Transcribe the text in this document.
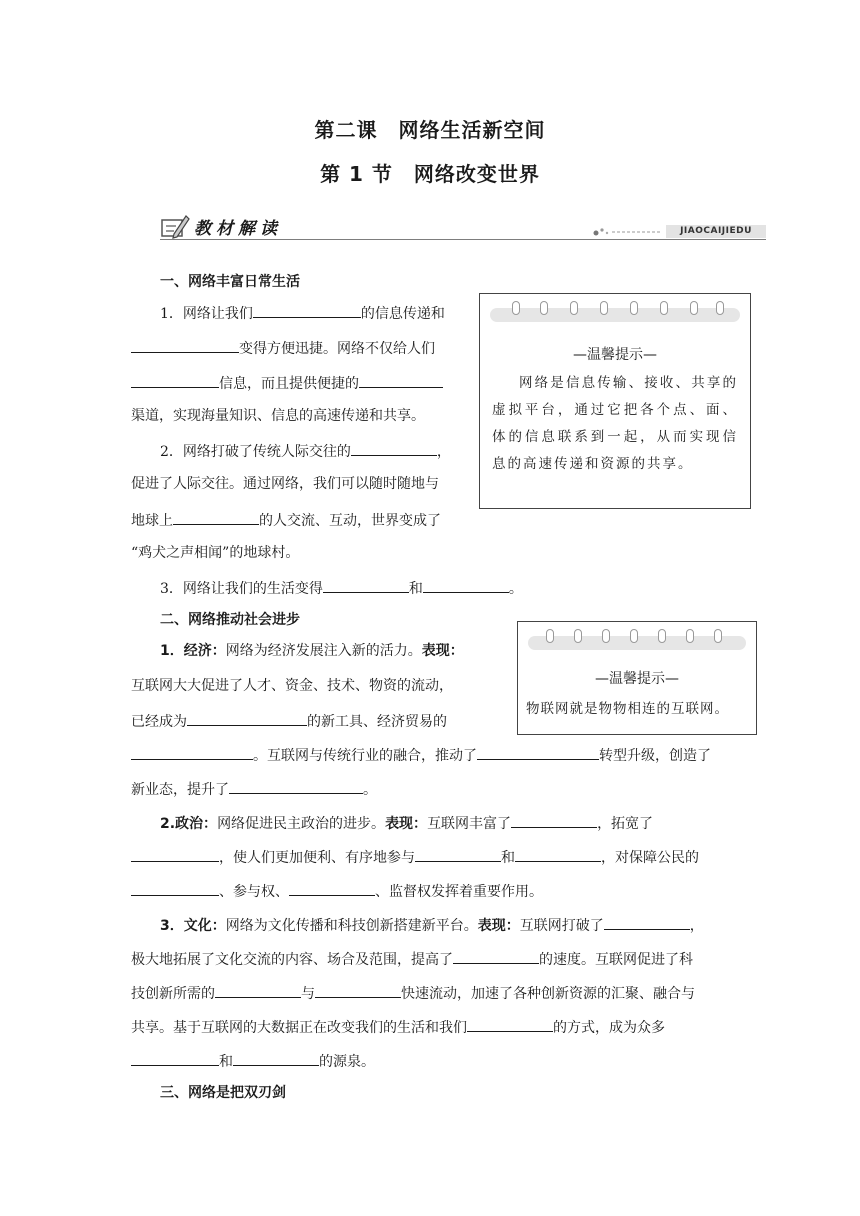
第二课　网络生活新空间
第 1 节　网络改变世界
教材解读	JIAOCAIJIEDU
一、网络丰富日常生活
1．网络让我们	的信息传递和
变得方便迅捷。网络不仅给人们
信息，而且提供便捷的
渠道，实现海量知识、信息的高速传递和共享。
2．网络打破了传统人际交往的	，
促进了人际交往。通过网络，我们可以随时随地与
地球上	的人交流、互动，世界变成了
“鸡犬之声相闻”的地球村。
3．网络让我们的生活变得	和	。
—温馨提示—
网络是信息传输、接收、共享的虚拟平台，通过它把各个点、面、体的信息联系到一起，从而实现信息的高速传递和资源的共享。
二、网络推动社会进步
1．经济：网络为经济发展注入新的活力。表现：
互联网大大促进了人才、资金、技术、物资的流动，
已经成为	的新工具、经济贸易的
。互联网与传统行业的融合，推动了	转型升级，创造了
新业态，提升了	。
—温馨提示—
物联网就是物物相连的互联网。
2.政治：网络促进民主政治的进步。表现：互联网丰富了	，拓宽了
，使人们更加便利、有序地参与	和	，对保障公民的
、参与权、	、监督权发挥着重要作用。
3．文化：网络为文化传播和科技创新搭建新平台。表现：互联网打破了	，
极大地拓展了文化交流的内容、场合及范围，提高了	的速度。互联网促进了科
技创新所需的	与	快速流动，加速了各种创新资源的汇聚、融合与
共享。基于互联网的大数据正在改变我们的生活和我们	的方式，成为众多
和	的源泉。
三、网络是把双刃剑
